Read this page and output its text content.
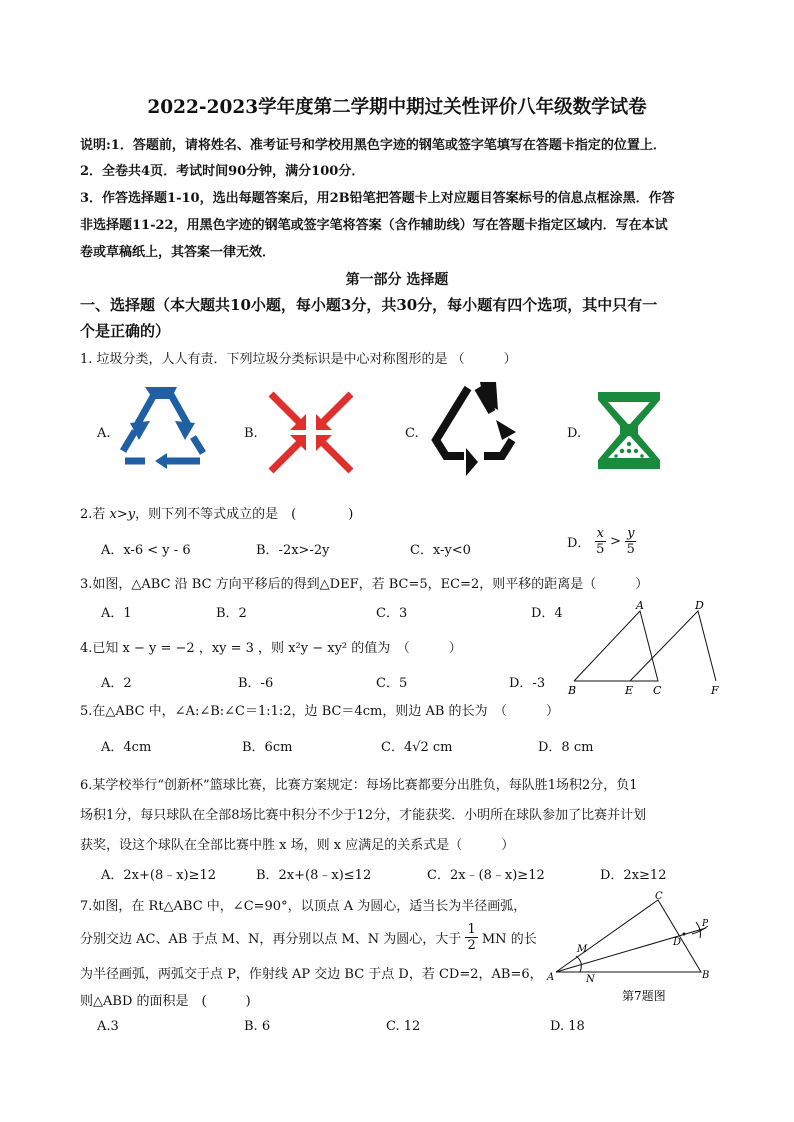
2022-2023学年度第二学期中期过关性评价八年级数学试卷
说明:1．答题前，请将姓名、准考证号和学校用黑色字迹的钢笔或签字笔填写在答题卡指定的位置上．
2．全卷共4页．考试时间90分钟，满分100分．
3．作答选择题1-10，选出每题答案后，用2B铅笔把答题卡上对应题目答案标号的信息点框涂黑．作答
非选择题11-22，用黑色字迹的钢笔或签字笔将答案（含作辅助线）写在答题卡指定区域内．写在本试
卷或草稿纸上，其答案一律无效．
第一部分 选择题
一、选择题（本大题共10小题，每小题3分，共30分，每小题有四个选项，其中只有一
个是正确的）
1. 垃圾分类，人人有责．下列垃圾分类标识是中心对称图形的是 （　　　）
A.	B.	C.	D.
2.若 x>y，则下列不等式成立的是　(　　　　)
A．x-6 < y - 6	B．-2x>-2y	C．x-y<0	D． $\frac{x}{5} > \frac{y}{5}$
3.如图，△ABC 沿 BC 方向平移后的得到△DEF，若 BC=5，EC=2，则平移的距离是（　　　）
A．1	B．2	C．3	D．4
A	D
B	E C	F
4.已知 x − y = −2 ，xy = 3 ，则 x²y − xy² 的值为　（　　　）
A．2	B．-6	C．5	D．-3
5.在△ABC 中，∠A:∠B:∠C＝1:1:2，边 BC＝4cm，则边 AB 的长为　（　　　）
A．4cm	B．6cm	C．4√2 cm	D．8 cm
6.某学校举行“创新杯”篮球比赛，比赛方案规定：每场比赛都要分出胜负，每队胜1场积2分，负1
场积1分，每只球队在全部8场比赛中积分不少于12分，才能获奖．小明所在球队参加了比赛并计划
获奖，设这个球队在全部比赛中胜 x 场，则 x 应满足的关系式是（　　　）
A．2x+(8﹣x)≥12	B．2x+(8﹣x)≤12	C．2x﹣(8﹣x)≥12	D．2x≥12
7.如图，在 Rt△ABC 中，∠C=90°，以顶点 A 为圆心，适当长为半径画弧，
分别交边 AC、AB 于点 M、N，再分别以点 M、N 为圆心，大于 $\frac{1}{2}$ MN 的长
为半径画弧，两弧交于点 P，作射线 AP 交边 BC 于点 D，若 CD=2，AB=6，
则△ABD 的面积是　(　　　)
A.3	B. 6	C. 12	D. 18
C
P
M
D
A	N	B
第7题图
